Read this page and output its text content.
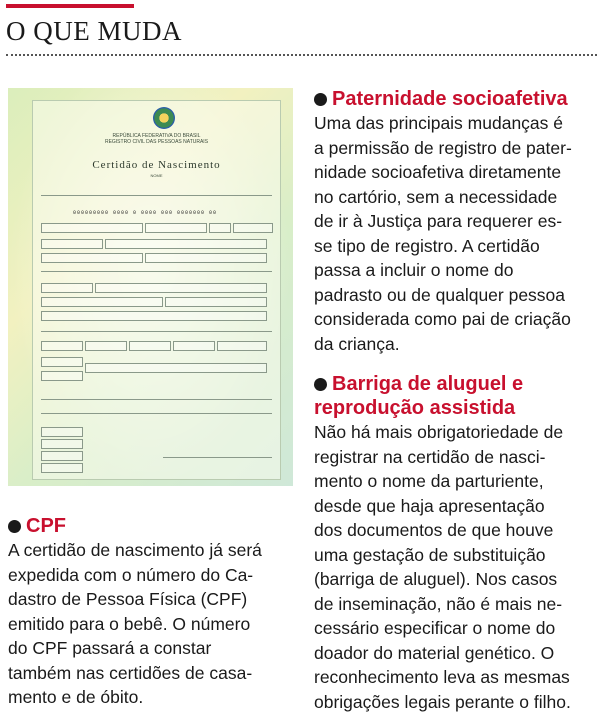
O QUE MUDA
REPÚBLICA FEDERATIVA DO BRASIL
REGISTRO CIVIL DAS PESSOAS NATURAIS
Certidão de Nascimento
NOME
000000000 0000 0 0000 000 0000000 00
CPF

A certidão de nascimento já será
expedida com o número do Ca-
dastro de Pessoa Física (CPF)
emitido para o bebê. O número
do CPF passará a constar
também nas certidões de casa-
mento e de óbito.

Paternidade socioafetiva

Uma das principais mudanças é
a permissão de registro de pater-
nidade socioafetiva diretamente
no cartório, sem a necessidade
de ir à Justiça para requerer es-
se tipo de registro. A certidão
passa a incluir o nome do
padrasto ou de qualquer pessoa
considerada como pai de criação
da criança.

Barriga de aluguel e
reprodução assistida

Não há mais obrigatoriedade de
registrar na certidão de nasci-
mento o nome da parturiente,
desde que haja apresentação
dos documentos de que houve
uma gestação de substituição
(barriga de aluguel). Nos casos
de inseminação, não é mais ne-
cessário especificar o nome do
doador do material genético. O
reconhecimento leva as mesmas
obrigações legais perante o filho.
